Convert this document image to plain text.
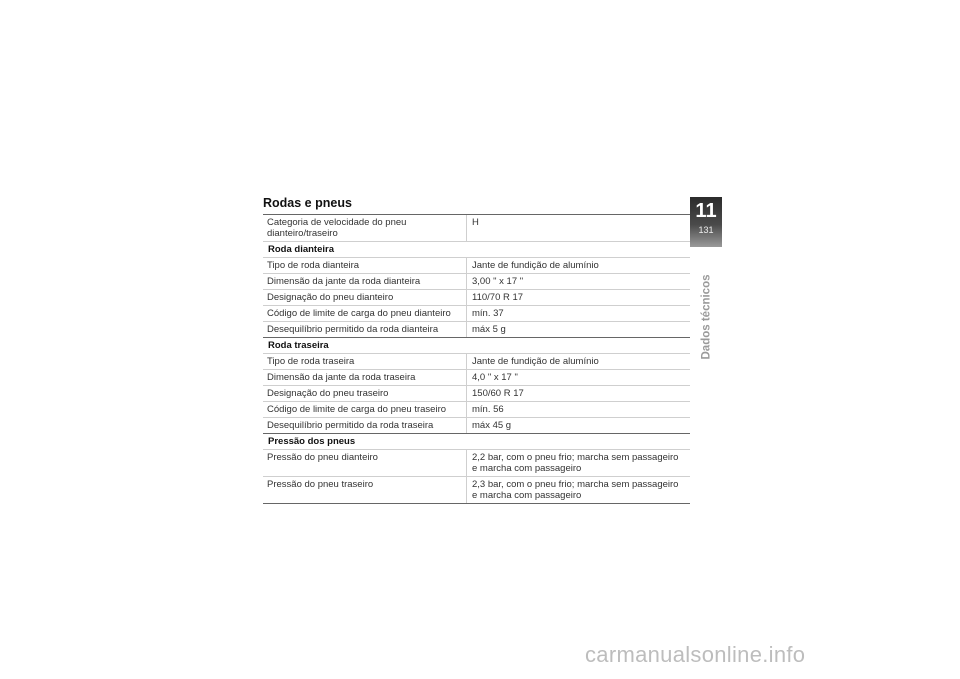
Rodas e pneus
Categoria de velocidade do pneu dianteiro/traseiro
H
Roda dianteira
Tipo de roda dianteira	Jante de fundição de alumínio
Dimensão da jante da roda dianteira	3,00 " x 17 "
Designação do pneu dianteiro	110/70 R 17
Código de limite de carga do pneu dianteiro	mín. 37
Desequilíbrio permitido da roda dianteira	máx 5 g
Roda traseira
Tipo de roda traseira	Jante de fundição de alumínio
Dimensão da jante da roda traseira	4,0 " x 17 "
Designação do pneu traseiro	150/60 R 17
Código de limite de carga do pneu traseiro	mín. 56
Desequilíbrio permitido da roda traseira	máx 45 g
Pressão dos pneus
Pressão do pneu dianteiro	2,2 bar, com o pneu frio; marcha sem passageiro
e marcha com passageiro
Pressão do pneu traseiro	2,3 bar, com o pneu frio; marcha sem passageiro
e marcha com passageiro
11
131
Dados técnicos
carmanualsonline.info
